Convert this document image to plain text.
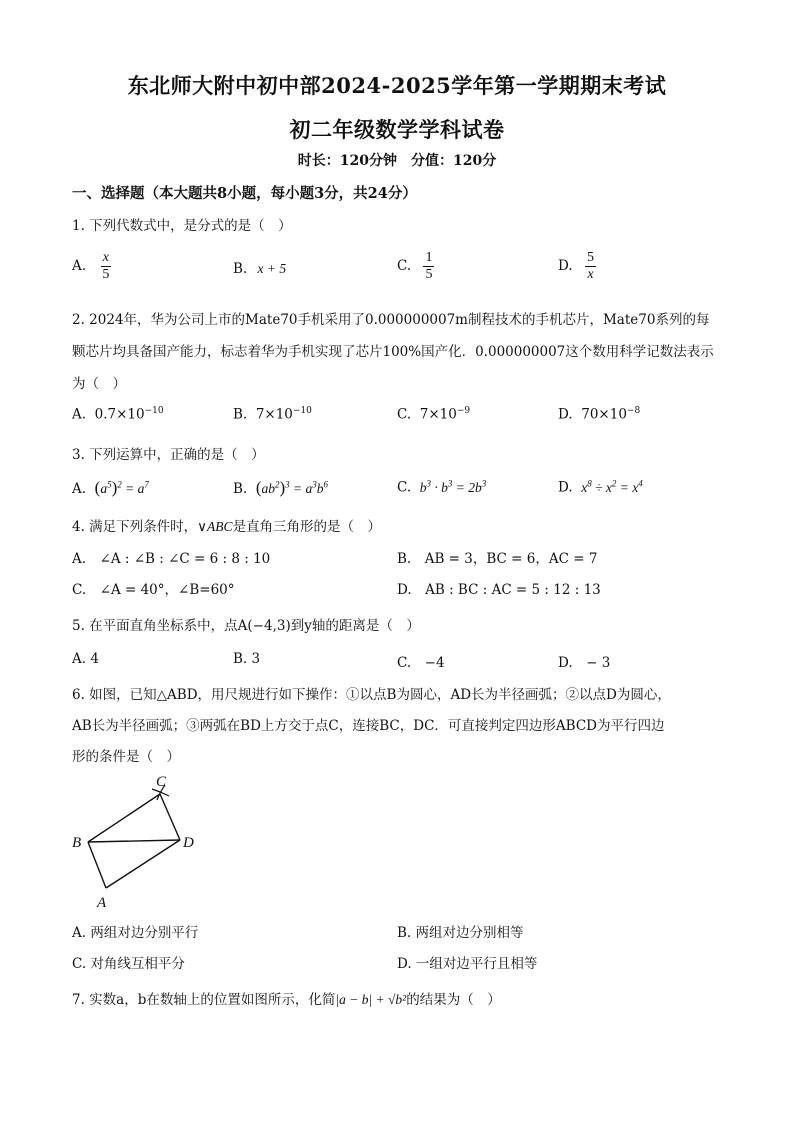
东北师大附中初中部2024-2025学年第一学期期末考试
初二年级数学学科试卷
时长：120分钟　分值：120分
一、选择题（本大题共8小题，每小题3分，共24分）
1. 下列代数式中，是分式的是（　）
A. $\frac{x}{5}$	B. x + 5	C. $\frac{1}{5}$	D. $\frac{5}{x}$
2. 2024年，华为公司上市的Mate70手机采用了0.000000007m制程技术的手机芯片，Mate70系列的每
颗芯片均具备国产能力，标志着华为手机实现了芯片100%国产化．0.000000007这个数用科学记数法表示
为（　）
A. $0.7\times 10^{-10}$	B. $7\times 10^{-10}$	C. $7\times 10^{-9}$	D. $70\times 10^{-8}$
3. 下列运算中，正确的是（　）
A. $(a^5)^2 = a^7$	B. $(ab^2)^3 = a^3b^6$	C. $b^3 \cdot b^3 = 2b^3$	D. $x^8 \div x^2 = x^4$
4. 满足下列条件时，∨ABC是直角三角形的是（　）
A.　∠A : ∠B : ∠C = 6 : 8 : 10	B.　AB = 3，BC = 6，AC = 7
C.　∠A = 40°，∠B=60°	D.　AB : BC : AC = 5 : 12 : 13
5. 在平面直角坐标系中，点A(−4,3)到y轴的距离是（　）
A. 4	B. 3	C.　−4	D.　− 3
6. 如图，已知△ABD，用尺规进行如下操作：①以点B为圆心，AD长为半径画弧；②以点D为圆心，
AB长为半径画弧；③两弧在BD上方交于点C，连接BC，DC．可直接判定四边形ABCD为平行四边
形的条件是（　）
C
B	D
A
A. 两组对边分别平行	B. 两组对边分别相等
C. 对角线互相平分	D. 一组对边平行且相等
7. 实数a，b在数轴上的位置如图所示，化简|a − b| + √b²的结果为（　）
